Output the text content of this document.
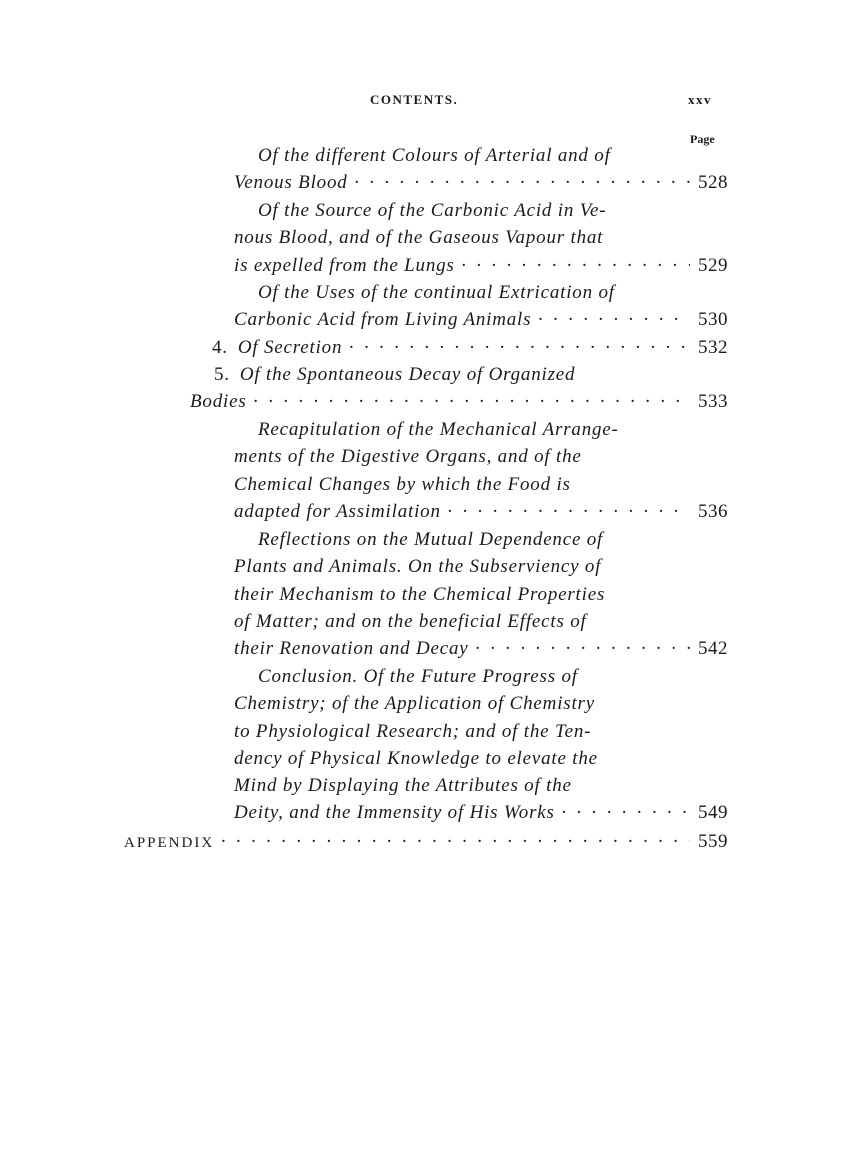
CONTENTS.	xxv
Page
Of the different Colours of Arterial and of
Venous Blood · · ·	528
Of the Source of the Carbonic Acid in Ve-
nous Blood, and of the Gaseous Vapour that
is expelled from the Lungs · · ·	529
Of the Uses of the continual Extrication of
Carbonic Acid from Living Animals · · ·	530
4. Of Secretion · · ·	532
5. Of the Spontaneous Decay of Organized
Bodies · · ·	533
Recapitulation of the Mechanical Arrange-
ments of the Digestive Organs, and of the
Chemical Changes by which the Food is
adapted for Assimilation · · ·	536
Reflections on the Mutual Dependence of
Plants and Animals. On the Subserviency of
their Mechanism to the Chemical Properties
of Matter; and on the beneficial Effects of
their Renovation and Decay · · ·	542
Conclusion. Of the Future Progress of
Chemistry; of the Application of Chemistry
to Physiological Research; and of the Ten-
dency of Physical Knowledge to elevate the
Mind by Displaying the Attributes of the
Deity, and the Immensity of His Works · · ·	549
APPENDIX · · ·	559
